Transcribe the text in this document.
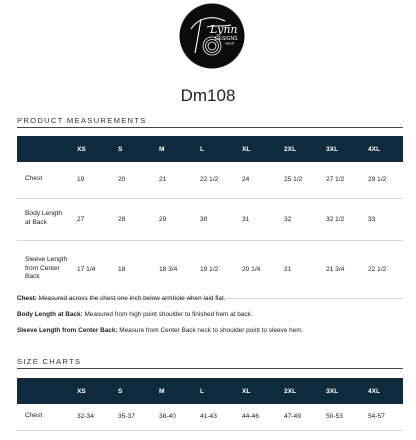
Lynn
DESIGNS
WEAR
Dm108
PRODUCT MEASUREMENTS
	XS	S	M	L	XL	2XL	3XL	4XL
Chest	19	20	21	22 1/2	24	25 1/2	27 1/2	29 1/2
Body Length at Back	27	28	29	30	31	32	32 1/2	33
Sleeve Length from Center Back	17 1/4	18	18 3/4	19 1/2	20 1/4	21	21 3/4	22 1/2
Chest: Measured across the chest one inch below armhole when laid flat.
Body Length at Back: Measured from high point shoulder to finished hem at back.
Sleeve Length from Center Back: Measure from Center Back neck to shoulder point to sleeve hem.
SIZE CHARTS
	XS	S	M	L	XL	2XL	3XL	4XL
Chest	32-34	35-37	38-40	41-43	44-46	47-49	50-53	54-57
